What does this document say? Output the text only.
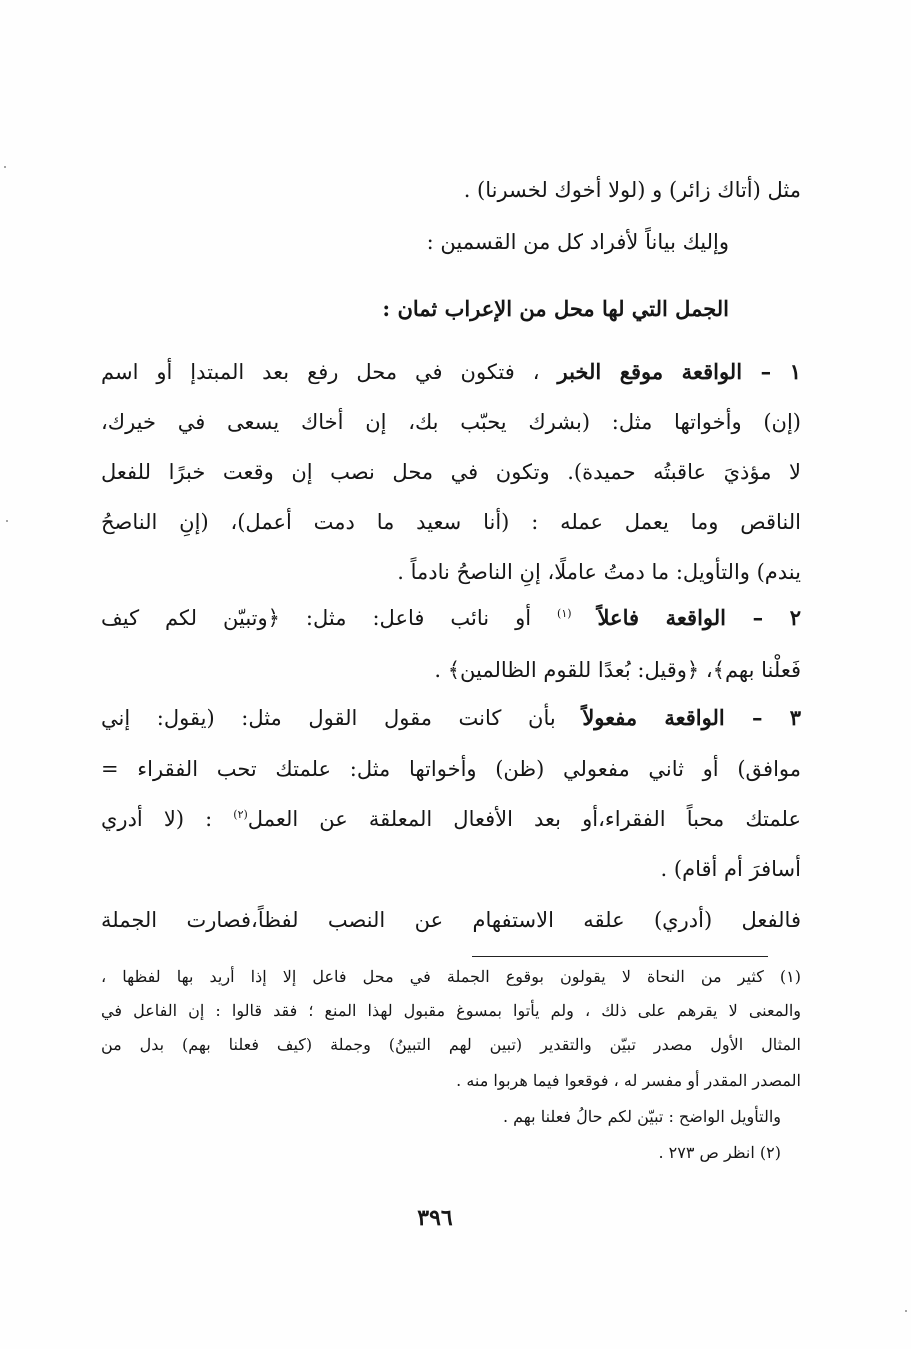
مثل (أتاك زائر) و (لولا أخوك لخسرنا) .
وإليك بياناً لأفراد كل من القسمين :
الجمل التي لها محل من الإعراب ثمان :
١ – الواقعة موقع الخبر ، فتكون في محل رفع بعد المبتدإ أو اسم
(إن) وأخواتها مثل: (بشرك يحبّب بك، إن أخاك يسعى في خيرك،
لا مؤذيَ عاقبتُه حميدة). وتكون في محل نصب إن وقعت خبرًا للفعل
الناقص وما يعمل عمله : (أنا سعيد ما دمت أعمل)، (إنِ الناصحُ
يندم) والتأويل: ما دمتُ عاملًا، إنِ الناصحُ نادماً .
٢ – الواقعة فاعلاً $^{(١)}$ أو نائب فاعل: مثل: ﴿وتبيّن لكم كيف
فَعلْنا بهم﴾، ﴿وقيل: بُعدًا للقوم الظالمين﴾ .
٣ – الواقعة مفعولاً بأن كانت مقول القول مثل: (يقول: إني
موافق) أو ثاني مفعولي (ظن) وأخواتها مثل: علمتك تحب الفقراء =
علمتك محباً الفقراء،أو بعد الأفعال المعلقة عن العمل$^{(٢)}$ : (لا أدري
أسافرَ أم أقام) .
فالفعل (أدري) علقه الاستفهام عن النصب لفظاً،فصارت الجملة
(١) كثير من النحاة لا يقولون بوقوع الجملة في محل فاعل إلا إذا أريد بها لفظها ،
والمعنى لا يقرهم على ذلك ، ولم يأتوا بمسوغ مقبول لهذا المنع ؛ فقد قالوا : إن الفاعل في
المثال الأول مصدر تبيّن والتقدير (تبين لهم التبينُ) وجملة (كيف فعلنا بهم) بدل من
المصدر المقدر أو مفسر له ، فوقعوا فيما هربوا منه .
والتأويل الواضح : تبيّن لكم حالُ فعلنا بهم .
(٢) انظر ص ٢٧٣ .
٣٩٦
